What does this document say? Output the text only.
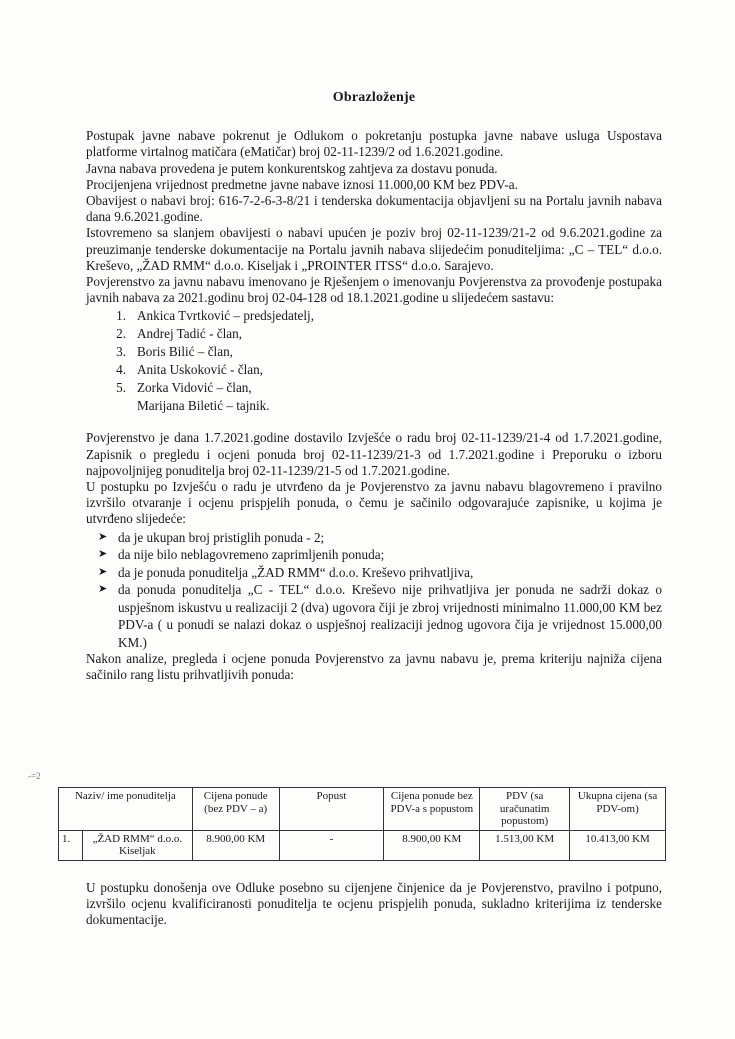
Obrazloženje

Postupak javne nabave pokrenut je Odlukom o pokretanju postupka javne nabave usluga Uspostava platforme virtalnog matičara (eMatičar) broj 02-11-1239/2 od 1.6.2021.godine.

Javna nabava provedena je putem konkurentskog zahtjeva za dostavu ponuda.

Procijenjena vrijednost predmetne javne nabave iznosi 11.000,00 KM bez PDV-a.

Obavijest o nabavi broj: 616-7-2-6-3-8/21 i tenderska dokumentacija objavljeni su na Portalu javnih nabava dana 9.6.2021.godine.

Istovremeno sa slanjem obavijesti o nabavi upućen je poziv broj 02-11-1239/21-2 od 9.6.2021.godine za preuzimanje tenderske dokumentacije na Portalu javnih nabava slijedećim ponuditeljima: „C – TEL“ d.o.o. Kreševo, „ŽAD RMM“ d.o.o. Kiseljak i „PROINTER ITSS“ d.o.o. Sarajevo.

Povjerenstvo za javnu nabavu imenovano je Rješenjem o imenovanju Povjerenstva za provođenje postupaka javnih nabava za 2021.godinu broj 02-04-128 od 18.1.2021.godine u slijedećem sastavu:

1. Ankica Tvrtković – predsjedatelj,
2. Andrej Tadić - član,
3. Boris Bilić – član,
4. Anita Uskoković - član,
5. Zorka Vidović – član,
Marijana Biletić – tajnik.

Povjerenstvo je dana 1.7.2021.godine dostavilo Izvješće o radu broj 02-11-1239/21-4 od 1.7.2021.godine, Zapisnik o pregledu i ocjeni ponuda broj 02-11-1239/21-3 od 1.7.2021.godine i Preporuku o izboru najpovoljnijeg ponuditelja broj 02-11-1239/21-5 od 1.7.2021.godine.

U postupku po Izvješću o radu je utvrđeno da je Povjerenstvo za javnu nabavu blagovremeno i pravilno izvršilo otvaranje i ocjenu prispjelih ponuda, o čemu je sačinilo odgovarajuće zapisnike, u kojima je utvrđeno slijedeće:

➤ da je ukupan broj pristiglih ponuda - 2;
➤ da nije bilo neblagovremeno zaprimljenih ponuda;
➤ da je ponuda ponuditelja „ŽAD RMM“ d.o.o. Kreševo prihvatljiva,
➤ da ponuda ponuditelja „C - TEL“ d.o.o. Kreševo nije prihvatljiva jer ponuda ne sadrži dokaz o uspješnom iskustvu u realizaciji 2 (dva) ugovora čiji je zbroj vrijednosti minimalno 11.000,00 KM bez PDV-a ( u ponudi se nalazi dokaz o uspješnoj realizaciji jednog ugovora čija je vrijednost 15.000,00 KM.)

Nakon analize, pregleda i ocjene ponuda Povjerenstvo za javnu nabavu je, prema kriteriju najniža cijena sačinilo rang listu prihvatljivih ponuda:

-=2
Naziv/ ime ponuditelja		Cijena ponude (bez PDV – a)	Popust	Cijena ponude bez PDV-a s popustom	PDV (sa uračunatim popustom)	Ukupna cijena (sa PDV-om)
1.	„ŽAD RMM“ d.o.o. Kiseljak	8.900,00 KM	-	8.900,00 KM	1.513,00 KM	10.413,00 KM

U postupku donošenja ove Odluke posebno su cijenjene činjenice da je Povjerenstvo, pravilno i potpuno, izvršilo ocjenu kvalificiranosti ponuditelja te ocjenu prispjelih ponuda, sukladno kriterijima iz tenderske dokumentacije.
